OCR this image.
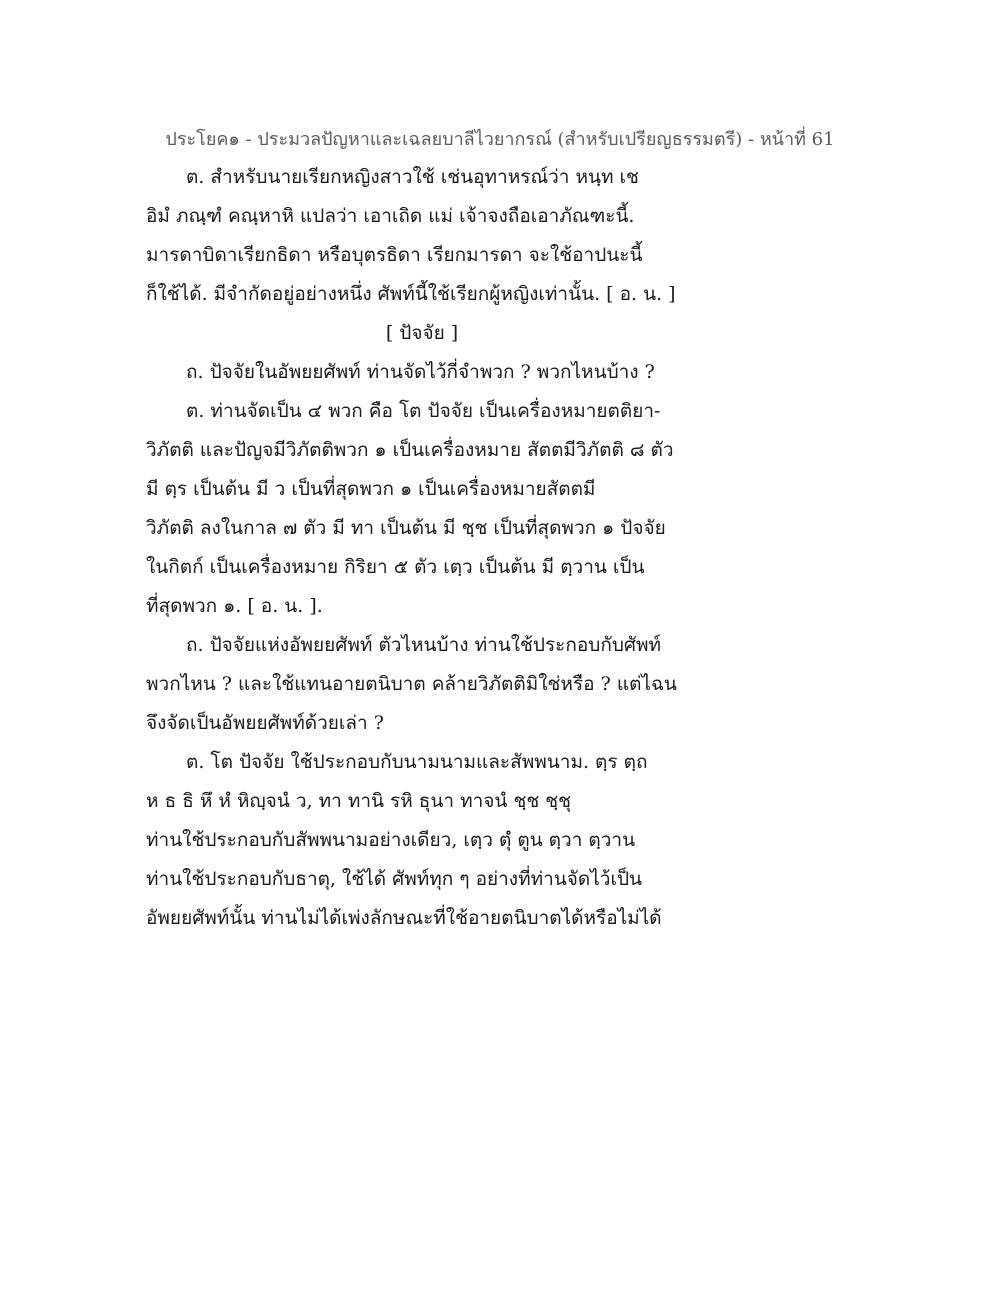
ประโยค๑ - ประมวลปัญหาและเฉลยบาลีไวยากรณ์ (สำหรับเปรียญธรรมตรี) - หน้าที่ 61
ต. สำหรับนายเรียกหญิงสาวใช้ เช่นอุทาหรณ์ว่า หนฺท เช
อิมํ ภณฺฑํ คณฺหาหิ แปลว่า เอาเถิด แม่ เจ้าจงถือเอาภัณฑะนี้.
มารดาบิดาเรียกธิดา หรือบุตรธิดา เรียกมารดา จะใช้อาปนะนี้
ก็ใช้ได้. มีจำกัดอยู่อย่างหนึ่ง ศัพท์นี้ใช้เรียกผู้หญิงเท่านั้น. [ อ. น. ]
[ ปัจจัย ]
ถ. ปัจจัยในอัพยยศัพท์ ท่านจัดไว้กี่จำพวก ? พวกไหนบ้าง ?
ต. ท่านจัดเป็น ๔ พวก คือ โต ปัจจัย เป็นเครื่องหมายตติยา-
วิภัตติ และปัญจมีวิภัตติพวก ๑ เป็นเครื่องหมาย สัตตมีวิภัตติ ๘ ตัว
มี ตฺร เป็นต้น มี ว เป็นที่สุดพวก ๑ เป็นเครื่องหมายสัตตมี
วิภัตติ ลงในกาล ๗ ตัว มี ทา เป็นต้น มี ชฺช เป็นที่สุดพวก ๑ ปัจจัย
ในกิตก์ เป็นเครื่องหมาย กิริยา ๕ ตัว เตฺว เป็นต้น มี ตฺวาน เป็น
ที่สุดพวก ๑. [ อ. น. ].
ถ. ปัจจัยแห่งอัพยยศัพท์ ตัวไหนบ้าง ท่านใช้ประกอบกับศัพท์
พวกไหน ? และใช้แทนอายตนิบาต คล้ายวิภัตติมิใช่หรือ ? แต่ไฉน
จึงจัดเป็นอัพยยศัพท์ด้วยเล่า ?
ต. โต ปัจจัย ใช้ประกอบกับนามนามและสัพพนาม. ตฺร ตฺถ
ห ธ ธิ หึ หํ หิญฺจนํ ว, ทา ทานิ รหิ ธุนา ทาจนํ ชฺช ชฺชุ
ท่านใช้ประกอบกับสัพพนามอย่างเดียว, เตฺว ตุํ ตูน ตฺวา ตฺวาน
ท่านใช้ประกอบกับธาตุ, ใช้ได้ ศัพท์ทุก ๆ อย่างที่ท่านจัดไว้เป็น
อัพยยศัพท์นั้น ท่านไม่ได้เพ่งลักษณะที่ใช้อายตนิบาตได้หรือไม่ได้
